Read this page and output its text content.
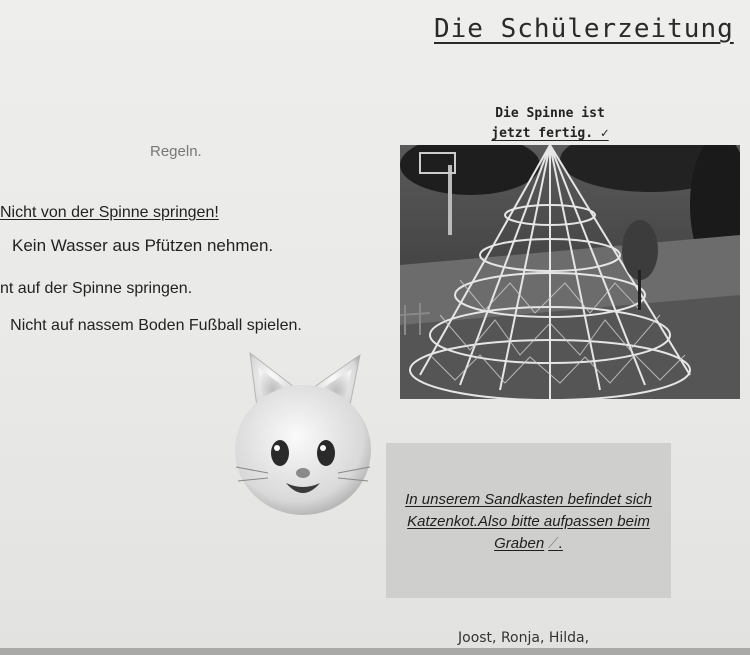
Die Schülerzeitung
Die Spinne ist
jetzt fertig. ✓
Regeln.
Nicht von der Spinne springen!
Kein Wasser aus Pfützen nehmen.
nt auf der Spinne springen.
Nicht auf nassem Boden Fußball spielen.
In unserem Sandkasten befindet sich Katzenkot.Also bitte aufpassen beim Graben ⟋.
Joost, Ronja, Hilda,
